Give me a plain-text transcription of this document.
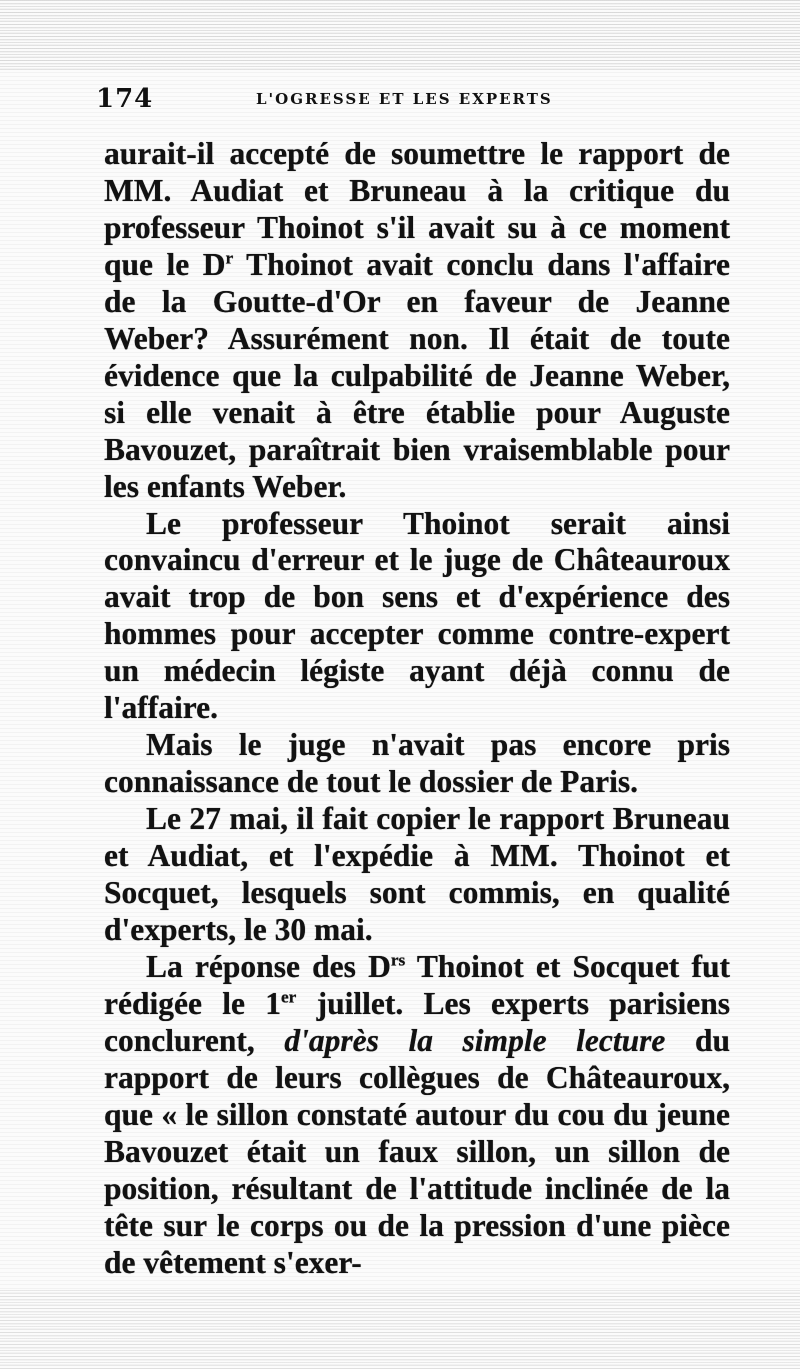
174	L'OGRESSE ET LES EXPERTS

aurait-il accepté de soumettre le rapport de MM. Audiat et Bruneau à la critique du professeur Thoinot s'il avait su à ce moment que le $D^r$ Thoinot avait conclu dans l'affaire de la Goutte-d'Or en faveur de Jeanne Weber? Assurément non. Il était de toute évidence que la culpabilité de Jeanne Weber, si elle venait à être établie pour Auguste Bavouzet, paraîtrait bien vraisemblable pour les enfants Weber.

Le professeur Thoinot serait ainsi convaincu d'erreur et le juge de Châteauroux avait trop de bon sens et d'expérience des hommes pour accepter comme contre-expert un médecin légiste ayant déjà connu de l'affaire.

Mais le juge n'avait pas encore pris connaissance de tout le dossier de Paris.

Le 27 mai, il fait copier le rapport Bruneau et Audiat, et l'expédie à MM. Thoinot et Socquet, lesquels sont commis, en qualité d'experts, le 30 mai.

La réponse des $D^{rs}$ Thoinot et Socquet fut rédigée le 1er juillet. Les experts parisiens conclurent, d'après la simple lecture du rapport de leurs collègues de Châteauroux, que « le sillon constaté autour du cou du jeune Bavouzet était un faux sillon, un sillon de position, résultant de l'attitude inclinée de la tête sur le corps ou de la pression d'une pièce de vêtement s'exer-
